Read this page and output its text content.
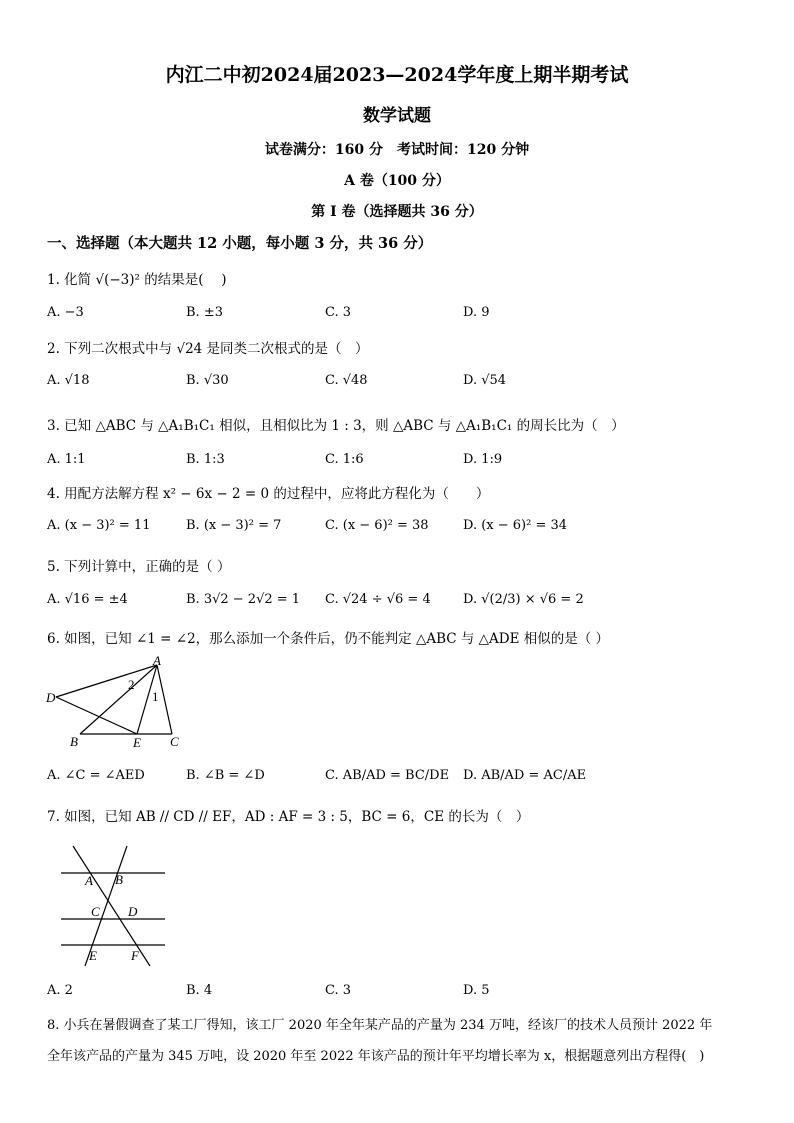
内江二中初2024届2023—2024学年度上期半期考试
数学试题
试卷满分：160 分　考试时间：120 分钟
A 卷（100 分）
第 I 卷（选择题共 36 分）
一、选择题（本大题共 12 小题，每小题 3 分，共 36 分）
1. 化简 √(−3)² 的结果是(　 )
A. −3	B. ±3	C. 3	D. 9
2. 下列二次根式中与 √24 是同类二次根式的是（　）
A. √18	B. √30	C. √48	D. √54
3. 已知 △ABC 与 △A₁B₁C₁ 相似，且相似比为 1 : 3，则 △ABC 与 △A₁B₁C₁ 的周长比为（　）
A. 1:1	B. 1:3	C. 1:6	D. 1:9
4. 用配方法解方程 x² − 6x − 2 = 0 的过程中，应将此方程化为（　　）
A. (x − 3)² = 11	B. (x − 3)² = 7	C. (x − 6)² = 38	D. (x − 6)² = 34
5. 下列计算中，正确的是（ ）
A. √16 = ±4	B. 3√2 − 2√2 = 1 C. √24 ÷ √6 = 4 D. √(2/3) × √6 = 2
6. 如图，已知 ∠1 = ∠2，那么添加一个条件后，仍不能判定 △ABC 与 △ADE 相似的是（ ）
A
D
B	E C
1
2
A. ∠C = ∠AED	B. ∠B = ∠D	C. AB/AD = BC/DE D. AB/AD = AC/AE
7. 如图，已知 AB // CD // EF，AD : AF = 3 : 5，BC = 6，CE 的长为（　）
A B
C D
E	F
A. 2	B. 4	C. 3	D. 5
8. 小兵在暑假调查了某工厂得知，该工厂 2020 年全年某产品的产量为 234 万吨，经该厂的技术人员预计 2022 年
全年该产品的产量为 345 万吨，设 2020 年至 2022 年该产品的预计年平均增长率为 x，根据题意列出方程得(　)
